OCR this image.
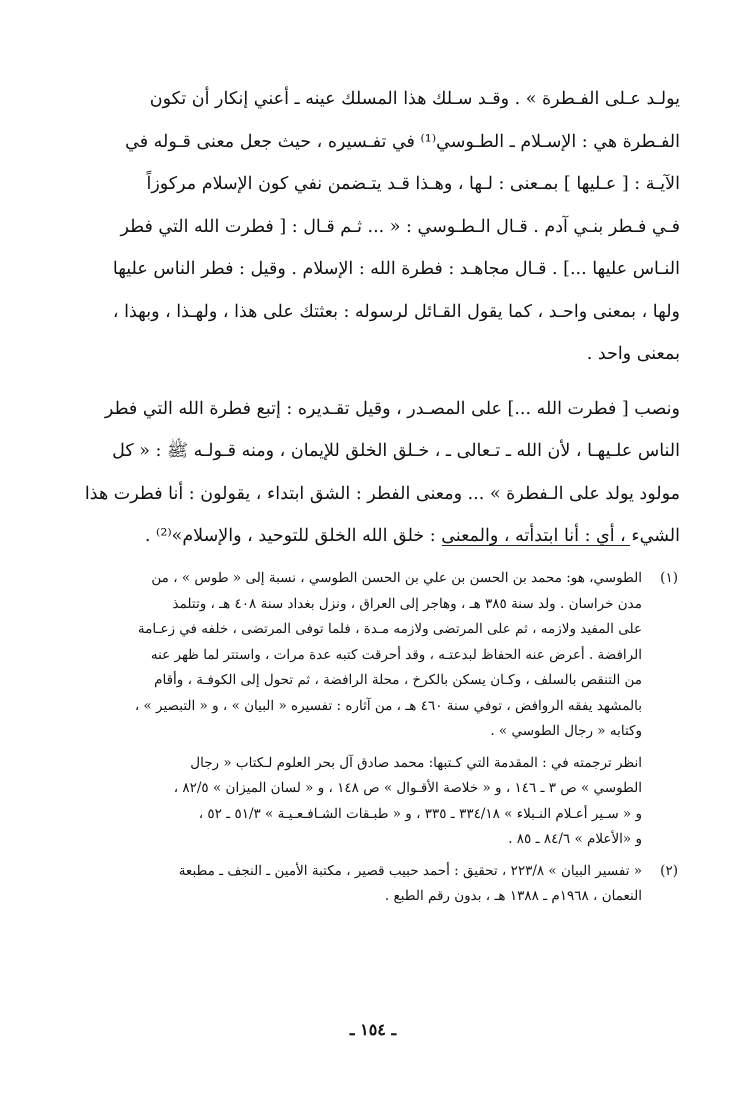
يولـد عـلى الفـطرة » . وقـد سـلك هذا المسلك عينه ـ أعني إنكار أن تكون

الفـطرة هي : الإسـلام ـ الطـوسي⁽¹⁾ في تفـسيره ، حيث جعل معنى قـوله في

الآيـة : [ عـليها ] بمـعنى : لـها ، وهـذا قـد يتـضمن نفي كون الإسلام مركوزاً

فـي فـطر بنـي آدم . قـال الـطـوسي : « ... ثـم قـال : [ فطرت الله التي فطر

النـاس عليها ...] . قـال مجاهـد : فطرة الله : الإسلام . وقيل : فطر الناس عليها

ولها ، بمعنى واحـد ، كما يقول القـائل لرسوله : بعثتك على هذا ، ولهـذا ، وبهذا ،

بمعنى واحد .

ونصب [ فطرت الله ...] على المصـدر ، وقيل تقـديره : إتبع فطرة الله التي فطر

الناس علـيهـا ، لأن الله ـ تـعالى ـ ، خـلق الخلق للإيمان ، ومنه قـولـه ﷺ : « كل

مولود يولد على الـفطرة » ... ومعنى الفطر : الشق ابتداء ، يقولون : أنا فطرت هذا

الشيء ، أي : أنا ابتدأته ، والمعنى : خلق الله الخلق للتوحيد ، والإسلام»⁽²⁾ .

(١)

الطوسي، هو: محمد بن الحسن بن علي بن الحسن الطوسي ، نسبة إلى « طوس » ، من

مدن خراسان . ولد سنة ٣٨٥ هـ ، وهاجر إلى العراق ، ونزل بغداد سنة ٤٠٨ هـ ، وتتلمذ

على المفيد ولازمه ، ثم على المرتضى ولازمه مـدة ، فلما توفى المرتضى ، خلفه في زعـامة

الرافضة . أعرض عنه الحفاظ لبدعتـه ، وقد أحرقت كتبه عدة مرات ، واستتر لما ظهر عنه

من التنقص بالسلف ، وكـان يسكن بالكرخ ، محلة الرافضة ، ثم تحول إلى الكوفـة ، وأقام

بالمشهد يفقه الروافض ، توفي سنة ٤٦٠ هـ ، من آثاره : تفسيره « البيان » ، و « التبصير » ،

وكتابه « رجال الطوسي » .

انظر ترجمته في : المقدمة التي كـتبها: محمد صادق آل بحر العلوم لـكتاب « رجال

الطوسي » ص ٣ ـ ١٤٦ ، و « خلاصة الأقـوال » ص ١٤٨ ، و « لسان الميزان » ٨٢/٥ ،

و « سـير أعـلام النـبلاء » ٣٣٤/١٨ ـ ٣٣٥ ، و « طبـقات الشـافـعـيـة » ٥١/٣ ـ ٥٢ ،

و «الأعلام » ٨٤/٦ ـ ٨٥ .

(٢)

« تفسير البيان » ٢٢٣/٨ ، تحقيق : أحمد حبيب قصير ، مكتبة الأمين ـ النجف ـ مطبعة

النعمان ، ١٩٦٨م ـ ١٣٨٨ هـ ، بدون رقم الطبع .

ـ ١٥٤ ـ
